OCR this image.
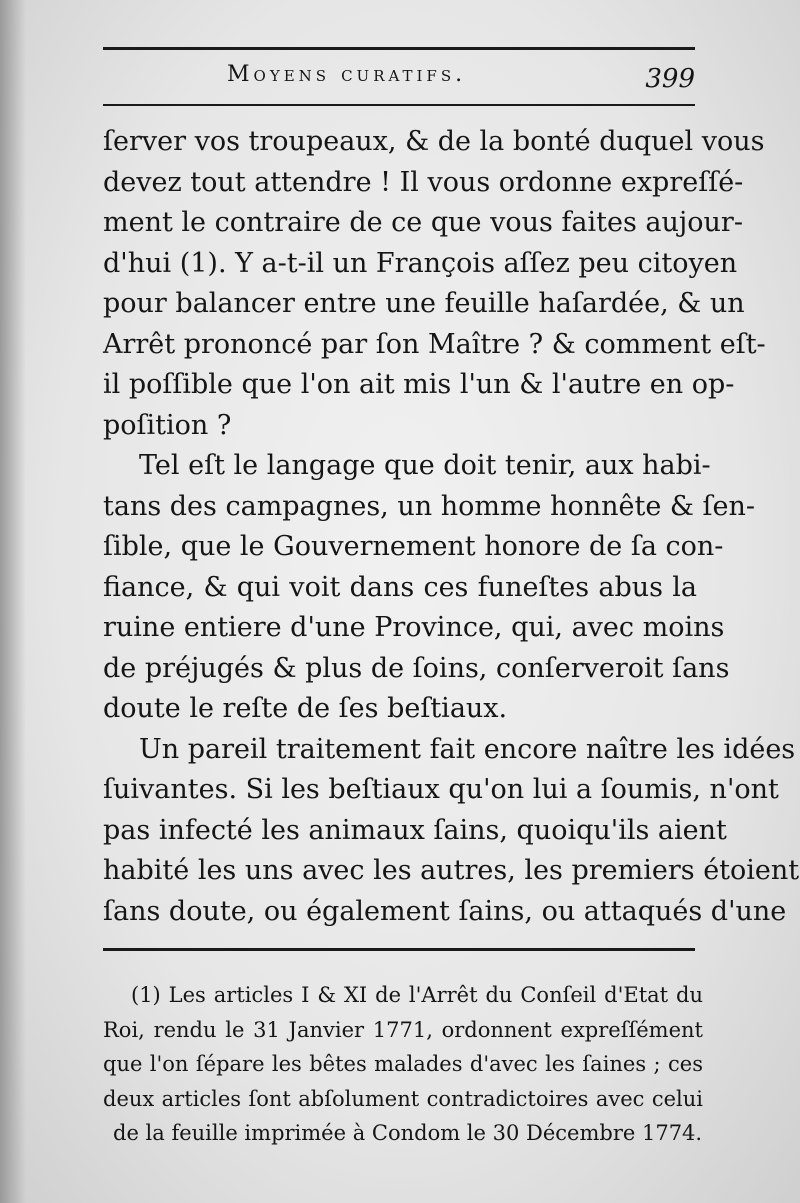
Moyens curatifs.	399
ſerver vos troupeaux, & de la bonté duquel vous
devez tout attendre ! Il vous ordonne expreſſé-
ment le contraire de ce que vous faites aujour-
d'hui (1). Y a-t-il un François aſſez peu citoyen
pour balancer entre une feuille haſardée, & un
Arrêt prononcé par ſon Maître ? & comment eſt-
il poſſible que l'on ait mis l'un & l'autre en op-
poſition ?
Tel eſt le langage que doit tenir, aux habi-
tans des campagnes, un homme honnête & ſen-
ſible, que le Gouvernement honore de ſa con-
fiance, & qui voit dans ces funeſtes abus la
ruine entiere d'une Province, qui, avec moins
de préjugés & plus de ſoins, conſerveroit ſans
doute le reſte de ſes beſtiaux.
Un pareil traitement fait encore naître les idées
ſuivantes. Si les beſtiaux qu'on lui a ſoumis, n'ont
pas infecté les animaux ſains, quoiqu'ils aient
habité les uns avec les autres, les premiers étoient
ſans doute, ou également ſains, ou attaqués d'une
(1) Les articles I & XI de l'Arrêt du Conſeil d'Etat du
Roi, rendu le 31 Janvier 1771, ordonnent expreſſément
que l'on ſépare les bêtes malades d'avec les ſaines ; ces
deux articles ſont abſolument contradictoires avec celui
de la feuille imprimée à Condom le 30 Décembre 1774.
